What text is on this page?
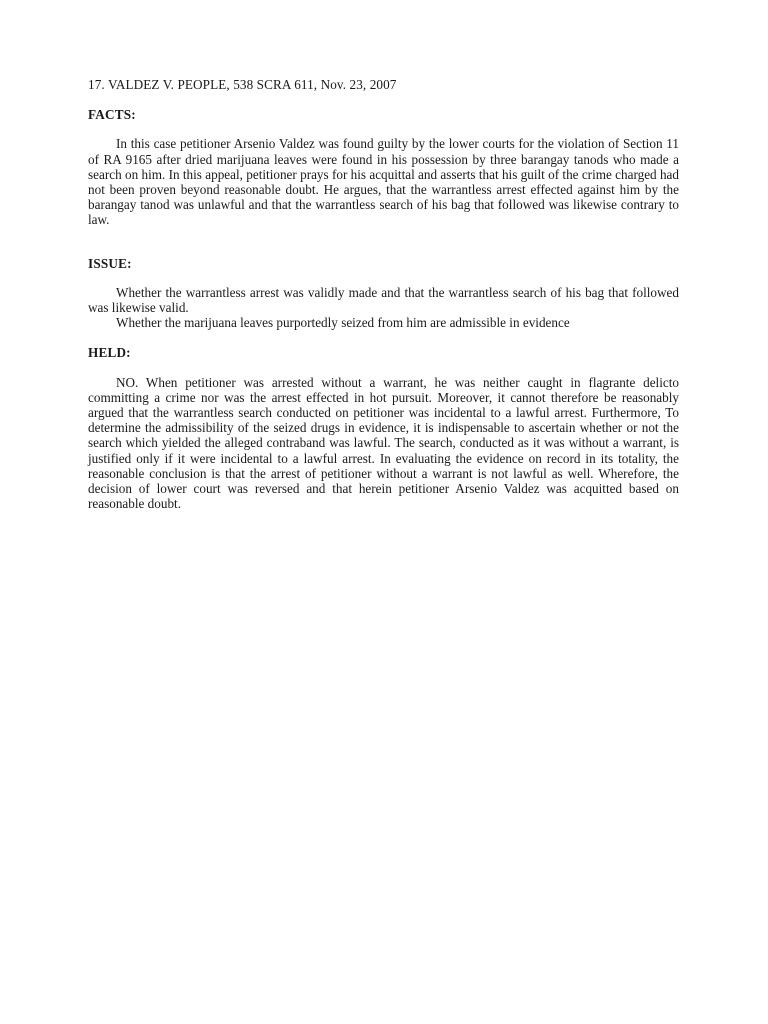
17. VALDEZ V. PEOPLE, 538 SCRA 611, Nov. 23, 2007

FACTS:

In this case petitioner Arsenio Valdez was found guilty by the lower courts for the violation of Section 11 of RA 9165 after dried marijuana leaves were found in his possession by three barangay tanods who made a search on him. In this appeal, petitioner prays for his acquittal and asserts that his guilt of the crime charged had not been proven beyond reasonable doubt. He argues, that the warrantless arrest effected against him by the barangay tanod was unlawful and that the warrantless search of his bag that followed was likewise contrary to law.

ISSUE:

Whether the warrantless arrest was validly made and that the warrantless search of his bag that followed was likewise valid.

Whether the marijuana leaves purportedly seized from him are admissible in evidence

HELD:

NO. When petitioner was arrested without a warrant, he was neither caught in flagrante delicto committing a crime nor was the arrest effected in hot pursuit. Moreover, it cannot therefore be reasonably argued that the warrantless search conducted on petitioner was incidental to a lawful arrest. Furthermore, To determine the admissibility of the seized drugs in evidence, it is indispensable to ascertain whether or not the search which yielded the alleged contraband was lawful. The search, conducted as it was without a warrant, is justified only if it were incidental to a lawful arrest. In evaluating the evidence on record in its totality, the reasonable conclusion is that the arrest of petitioner without a warrant is not lawful as well. Wherefore, the decision of lower court was reversed and that herein petitioner Arsenio Valdez was acquitted based on reasonable doubt.
